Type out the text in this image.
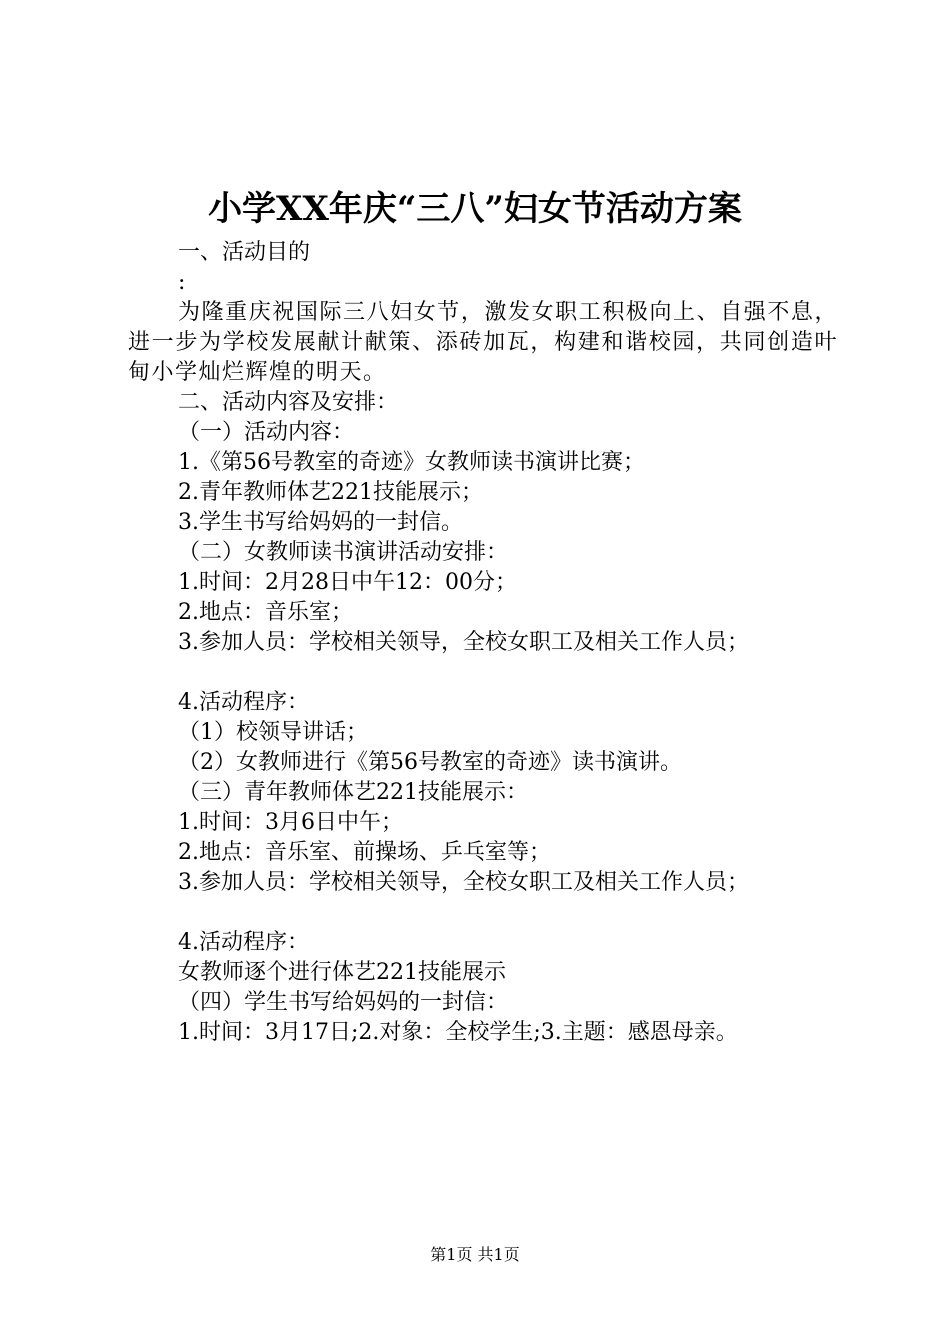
小学XX年庆“三八”妇女节活动方案
一、活动目的
:
为隆重庆祝国际三八妇女节，激发女职工积极向上、自强不息，进一步为学校发展献计献策、添砖加瓦，构建和谐校园，共同创造叶甸小学灿烂辉煌的明天。
二、活动内容及安排：
（一）活动内容：
1.《第56号教室的奇迹》女教师读书演讲比赛；
2.青年教师体艺221技能展示；
3.学生书写给妈妈的一封信。
（二）女教师读书演讲活动安排：
1.时间：2月28日中午12：00分；
2.地点：音乐室；
3.参加人员：学校相关领导，全校女职工及相关工作人员；
4.活动程序：
（1）校领导讲话；
（2）女教师进行《第56号教室的奇迹》读书演讲。
（三）青年教师体艺221技能展示：
1.时间：3月6日中午；
2.地点：音乐室、前操场、乒乓室等；
3.参加人员：学校相关领导，全校女职工及相关工作人员；
4.活动程序：
女教师逐个进行体艺221技能展示
（四）学生书写给妈妈的一封信：
1.时间：3月17日;2.对象：全校学生;3.主题：感恩母亲。
第1页 共1页
